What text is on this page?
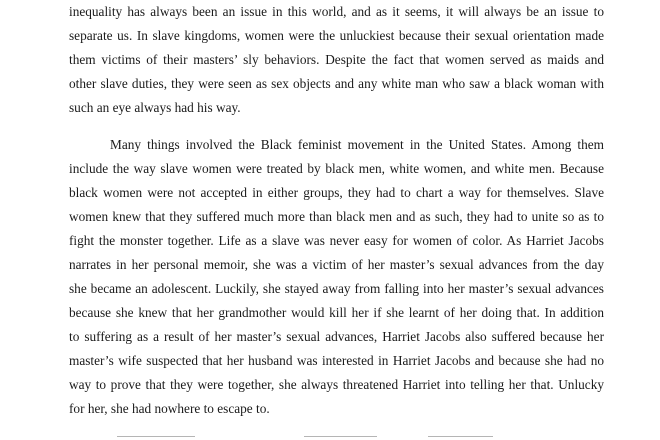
inequality has always been an issue in this world, and as it seems, it will always be an issue to
separate us. In slave kingdoms, women were the unluckiest because their sexual orientation made
them victims of their masters’ sly behaviors. Despite the fact that women served as maids and
other slave duties, they were seen as sex objects and any white man who saw a black woman with
such an eye always had his way.
Many things involved the Black feminist movement in the United States. Among them
include the way slave women were treated by black men, white women, and white men. Because
black women were not accepted in either groups, they had to chart a way for themselves. Slave
women knew that they suffered much more than black men and as such, they had to unite so as to
fight the monster together. Life as a slave was never easy for women of color. As Harriet Jacobs
narrates in her personal memoir, she was a victim of her master’s sexual advances from the day
she became an adolescent. Luckily, she stayed away from falling into her master’s sexual advances
because she knew that her grandmother would kill her if she learnt of her doing that. In addition
to suffering as a result of her master’s sexual advances, Harriet Jacobs also suffered because her
master’s wife suspected that her husband was interested in Harriet Jacobs and because she had no
way to prove that they were together, she always threatened Harriet into telling her that. Unlucky
for her, she had nowhere to escape to.
